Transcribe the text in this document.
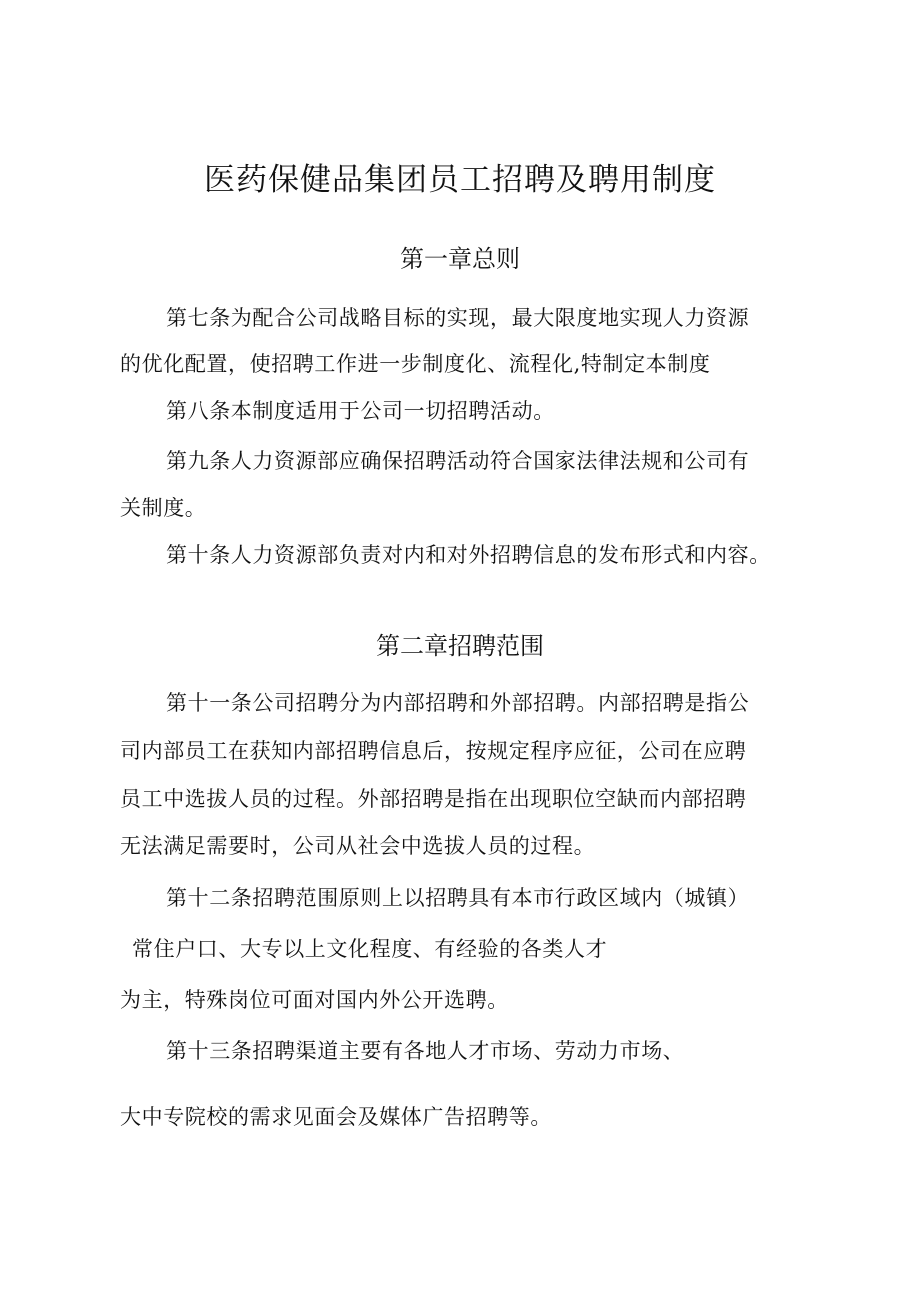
医药保健品集团员工招聘及聘用制度
第一章总则

第七条为配合公司战略目标的实现，最大限度地实现人力资源

的优化配置，使招聘工作进一步制度化、流程化,特制定本制度

第八条本制度适用于公司一切招聘活动。

第九条人力资源部应确保招聘活动符合国家法律法规和公司有

关制度。

第十条人力资源部负责对内和对外招聘信息的发布形式和内容。

第二章招聘范围

第十一条公司招聘分为内部招聘和外部招聘。内部招聘是指公

司内部员工在获知内部招聘信息后，按规定程序应征，公司在应聘

员工中选拔人员的过程。外部招聘是指在出现职位空缺而内部招聘

无法满足需要时，公司从社会中选拔人员的过程。

第十二条招聘范围原则上以招聘具有本市行政区域内（城镇）

常住户口、大专以上文化程度、有经验的各类人才

为主，特殊岗位可面对国内外公开选聘。

第十三条招聘渠道主要有各地人才市场、劳动力市场、

大中专院校的需求见面会及媒体广告招聘等。
